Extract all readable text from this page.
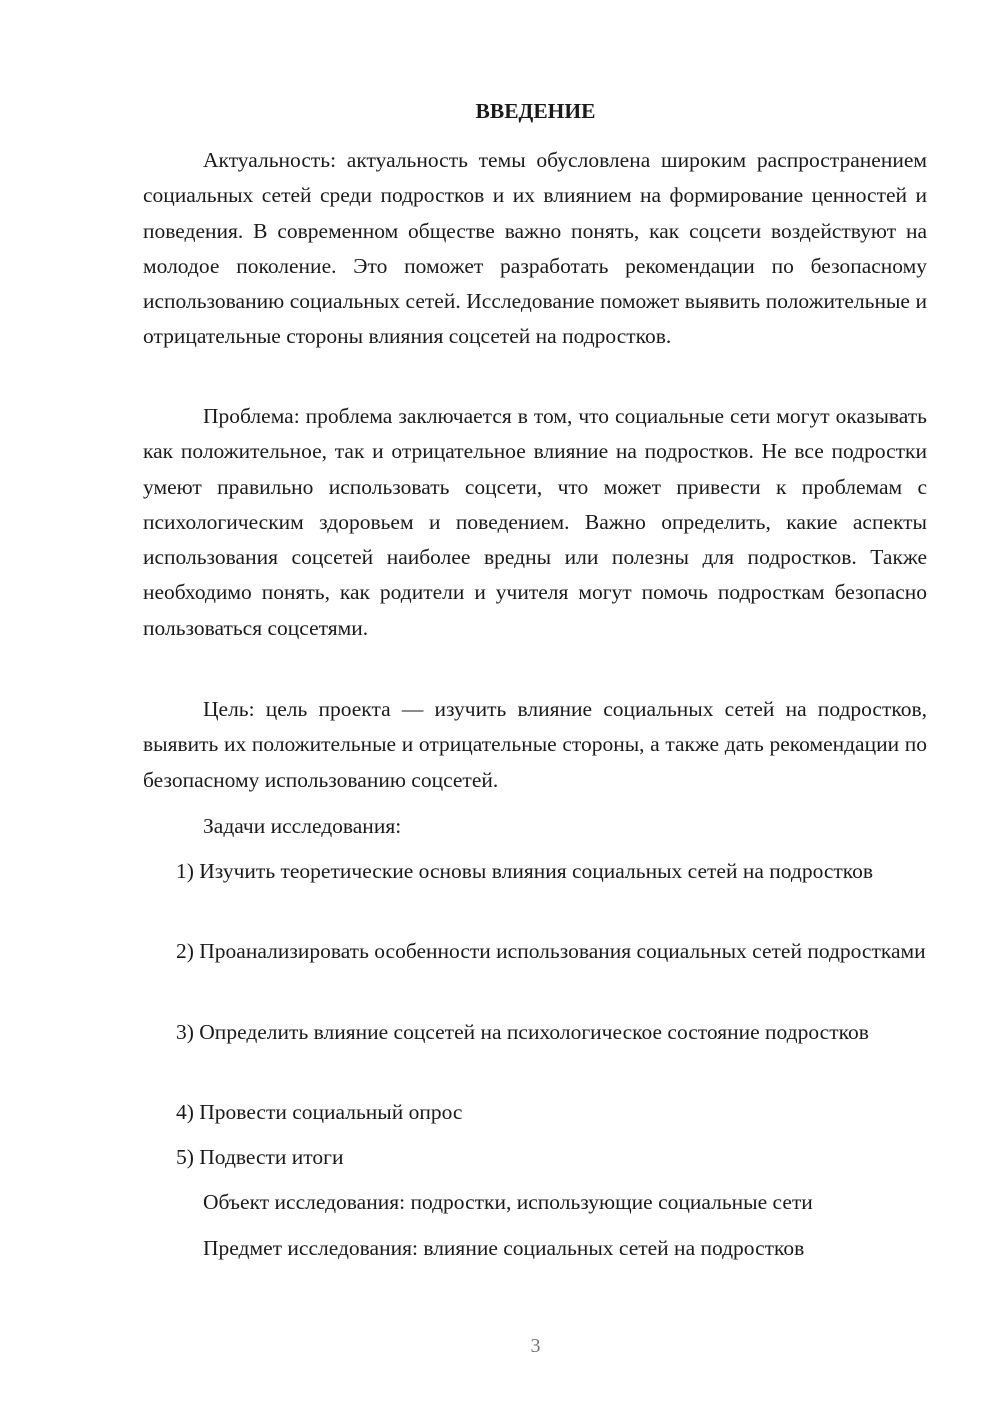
ВВЕДЕНИЕ

Актуальность: актуальность темы обусловлена широким распространением социальных сетей среди подростков и их влиянием на формирование ценностей и поведения. В современном обществе важно понять, как соцсети воздействуют на молодое поколение. Это поможет разработать рекомендации по безопасному использованию социальных сетей. Исследование поможет выявить положительные и отрицательные стороны влияния соцсетей на подростков.

Проблема: проблема заключается в том, что социальные сети могут оказывать как положительное, так и отрицательное влияние на подростков. Не все подростки умеют правильно использовать соцсети, что может привести к проблемам с психологическим здоровьем и поведением. Важно определить, какие аспекты использования соцсетей наиболее вредны или полезны для подростков. Также необходимо понять, как родители и учителя могут помочь подросткам безопасно пользоваться соцсетями.

Цель: цель проекта — изучить влияние социальных сетей на подростков, выявить их положительные и отрицательные стороны, а также дать рекомендации по безопасному использованию соцсетей.

Задачи исследования:

1) Изучить теоретические основы влияния социальных сетей на подростков

2) Проанализировать особенности использования социальных сетей подростками

3) Определить влияние соцсетей на психологическое состояние подростков

4) Провести социальный опрос

5) Подвести итоги

Объект исследования: подростки, использующие социальные сети

Предмет исследования: влияние социальных сетей на подростков

3
